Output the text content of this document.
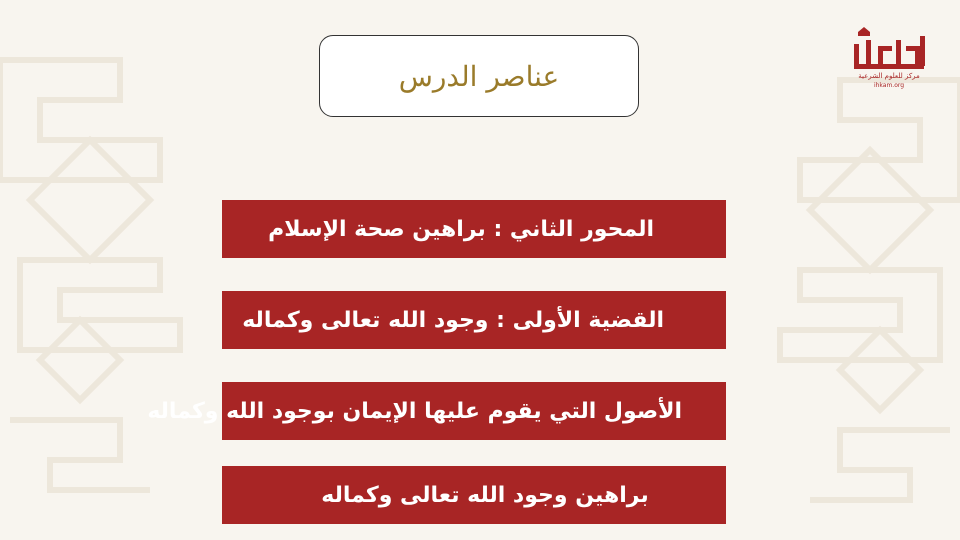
مركز للعلوم الشرعية
ihkam.org
عناصر الدرس
المحور الثاني : براهين صحة الإسلام
القضية الأولى : وجود الله تعالى وكماله
الأصول التي يقوم عليها الإيمان بوجود الله وكماله
براهين وجود الله تعالى وكماله
